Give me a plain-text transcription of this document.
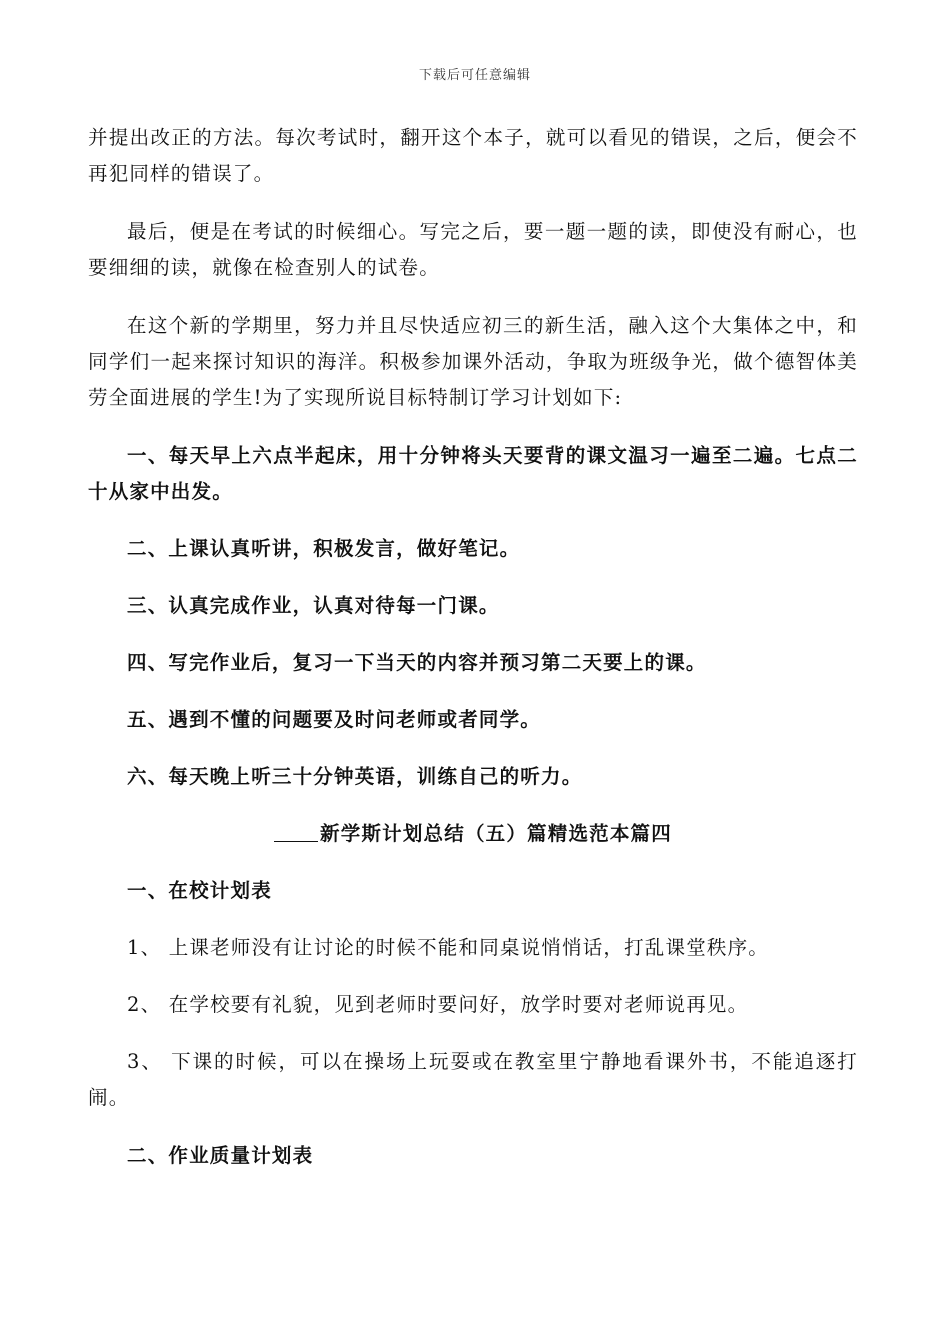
下载后可任意编辑

并提出改正的方法。每次考试时，翻开这个本子，就可以看见的错误，之后，便会不再犯同样的错误了。

最后，便是在考试的时候细心。写完之后，要一题一题的读，即使没有耐心，也要细细的读，就像在检查别人的试卷。

在这个新的学期里，努力并且尽快适应初三的新生活，融入这个大集体之中，和同学们一起来探讨知识的海洋。积极参加课外活动，争取为班级争光，做个德智体美劳全面进展的学生!为了实现所说目标特制订学习计划如下:

一、每天早上六点半起床，用十分钟将头天要背的课文温习一遍至二遍。七点二十从家中出发。

二、上课认真听讲，积极发言，做好笔记。

三、认真完成作业，认真对待每一门课。

四、写完作业后，复习一下当天的内容并预习第二天要上的课。

五、遇到不懂的问题要及时问老师或者同学。

六、每天晚上听三十分钟英语，训练自己的听力。

新学斯计划总结（五）篇精选范本篇四

一、在校计划表

1、 上课老师没有让讨论的时候不能和同桌说悄悄话，打乱课堂秩序。

2、 在学校要有礼貌，见到老师时要问好，放学时要对老师说再见。

3、 下课的时候，可以在操场上玩耍或在教室里宁静地看课外书，不能追逐打闹。

二、作业质量计划表
